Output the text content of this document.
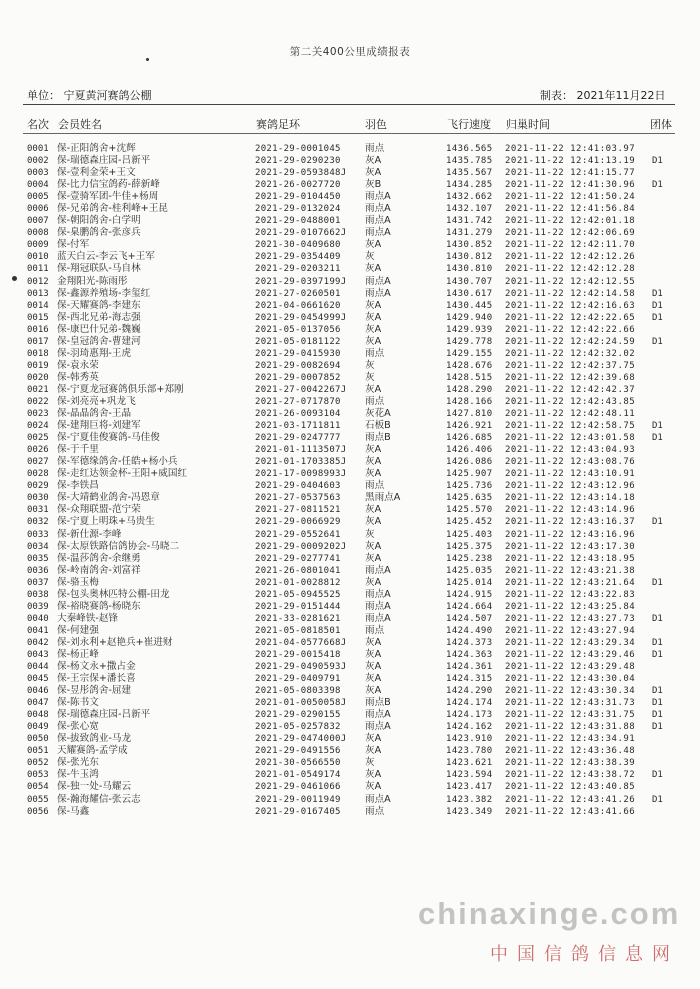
第二关400公里成绩报表
单位： 宁夏黄河赛鸽公棚	制表： 2021年11月22日
名次 会员姓名	赛鸽足环	羽色	飞行速度 归巢时间	团体
0001 保-正阳鸽舍+沈辉	2021-29-0001045	雨点	1436.565 2021-11-22 12:41:03.97
0002 保-瑞德森庄园-吕新平	2021-29-0290230	灰A	1435.785 2021-11-22 12:41:13.19 D1
0003 保-壹利金荣+王文	2021-29-0593848J 灰A	1435.567 2021-11-22 12:41:15.77
0004 保-比力信宝鸽药-薛新峰	2021-26-0027720	灰B	1434.285 2021-11-22 12:41:30.96 D1
0005 保-壹骑军团-牛佳+杨周	2021-29-0104450	雨点A	1432.662 2021-11-22 12:41:50.24
0006 保-兄弟鸽舍-桂利峰+王昆	2021-29-0132024	雨点A	1432.107 2021-11-22 12:41:56.84
0007 保-朝阳鸽舍-白学明	2021-29-0488001	雨点A	1431.742 2021-11-22 12:42:01.18
0008 保-臬鹏鸽舍-张彦兵	2021-29-0107662J 雨点A	1431.279 2021-11-22 12:42:06.69
0009 保-付军	2021-30-0409680	灰A	1430.852 2021-11-22 12:42:11.70
0010 蓝天白云-李云飞+王军	2021-29-0354409	灰	1430.812 2021-11-22 12:42:12.26
0011 保-翔冠联队-马自林	2021-29-0203211	灰A	1430.810 2021-11-22 12:42:12.28
0012 金翔阳光-陈雨彤	2021-29-0397199J 雨点A	1430.707 2021-11-22 12:42:12.55
0013 保-鑫源养殖场-李玺红	2021-27-0260501	雨点A	1430.617 2021-11-22 12:42:14.58 D1
0014 保-天耀赛鸽-李建东	2021-04-0661620	灰A	1430.445 2021-11-22 12:42:16.63 D1
0015 保-西北兄弟-海志强	2021-29-0454999J 灰A	1429.940 2021-11-22 12:42:22.65 D1
0016 保-康巴什兄弟-魏巍	2021-05-0137056	灰A	1429.939 2021-11-22 12:42:22.66
0017 保-皇冠鸽舍-曹建河	2021-05-0181122	灰A	1429.778 2021-11-22 12:42:24.59 D1
0018 保-羽琦惠翔-王虎	2021-29-0415930	雨点	1429.155 2021-11-22 12:42:32.02
0019 保-袁永荣	2021-29-0082694	灰	1428.676 2021-11-22 12:42:37.75
0020 保-韩秀英	2021-29-0007852	灰	1428.515 2021-11-22 12:42:39.68
0021 保-宁夏龙冠赛鸽俱乐部+郑刚	2021-27-0042267J 灰A	1428.290 2021-11-22 12:42:42.37
0022 保-刘亮亮+巩龙飞	2021-27-0717870	雨点	1428.166 2021-11-22 12:42:43.85
0023 保-晶晶鸽舍-王晶	2021-26-0093104	灰花A	1427.810 2021-11-22 12:42:48.11
0024 保-建翔巨将-刘建军	2021-03-1711811	石板B	1426.921 2021-11-22 12:42:58.75 D1
0025 保-宁夏佳俊赛鸽-马佳俊	2021-29-0247777	雨点B	1426.685 2021-11-22 12:43:01.58 D1
0026 保-于千里	2021-01-1113507J 灰A	1426.406 2021-11-22 12:43:04.93
0027 保-军德缘鸽舍-任皓+杨小兵	2021-01-1703385J 灰A	1426.086 2021-11-22 12:43:08.76
0028 保-走红达领金杯-王阳+威国红	2021-17-0098993J 灰A	1425.907 2021-11-22 12:43:10.91
0029 保-李铁昌	2021-29-0404603	雨点	1425.736 2021-11-22 12:43:12.96
0030 保-大靖鹤业鸽舍-冯恩章	2021-27-0537563	黑雨点A	1425.635 2021-11-22 12:43:14.18
0031 保-众翔联盟-范宁荣	2021-27-0811521	灰A	1425.570 2021-11-22 12:43:14.96
0032 保-宁夏上明珠+马贵生	2021-29-0066929	灰A	1425.452 2021-11-22 12:43:16.37 D1
0033 保-新仕源-李峰	2021-29-0552641	灰	1425.403 2021-11-22 12:43:16.96
0034 保-太原铁路信鸽协会-马晓二	2021-29-0009202J 灰A	1425.375 2021-11-22 12:43:17.30
0035 保-温莎鸽舍-余继勇	2021-29-0277741	灰A	1425.238 2021-11-22 12:43:18.95
0036 保-岭南鸽舍-刘富祥	2021-26-0801041	雨点A	1425.035 2021-11-22 12:43:21.38
0037 保-骆玉梅	2021-01-0028812	灰A	1425.014 2021-11-22 12:43:21.64 D1
0038 保-包头奥林匹特公棚-田龙	2021-05-0945525	雨点A	1424.915 2021-11-22 12:43:22.83
0039 保-裕晓赛鸽-杨晓东	2021-29-0151444	雨点A	1424.664 2021-11-22 12:43:25.84
0040 大秦峰铁-赵锋	2021-33-0281621	雨点A	1424.507 2021-11-22 12:43:27.73 D1
0041 保-何建强	2021-05-0818501	雨点	1424.490 2021-11-22 12:43:27.94
0042 保-刘永利+赵艳兵+崔进财	2021-04-0577668J 灰A	1424.373 2021-11-22 12:43:29.34 D1
0043 保-杨正峰	2021-29-0015418	灰A	1424.363 2021-11-22 12:43:29.46 D1
0044 保-杨文永+撒占金	2021-29-0490593J 灰A	1424.361 2021-11-22 12:43:29.48
0045 保-王宗保+潘长喜	2021-29-0409791	灰A	1424.315 2021-11-22 12:43:30.04
0046 保-昱彤鸽舍-屈建	2021-05-0803398	灰A	1424.290 2021-11-22 12:43:30.34 D1
0047 保-陈书文	2021-01-0050058J 雨点B	1424.174 2021-11-22 12:43:31.73 D1
0048 保-瑞德森庄园-吕新平	2021-29-0290155	雨点A	1424.173 2021-11-22 12:43:31.75 D1
0049 保-张心宽	2021-05-0257832	雨点A	1424.162 2021-11-22 12:43:31.88 D1
0050 保-拔致鸽业-马龙	2021-29-0474000J 灰A	1423.910 2021-11-22 12:43:34.91
0051 天耀赛鸽-孟学成	2021-29-0491556	灰A	1423.780 2021-11-22 12:43:36.48
0052 保-张光东	2021-30-0566550	灰	1423.621 2021-11-22 12:43:38.39
0053 保-牛玉鸿	2021-01-0549174	灰A	1423.594 2021-11-22 12:43:38.72 D1
0054 保-独一处-马耀云	2021-29-0461066	灰A	1423.417 2021-11-22 12:43:40.85
0055 保-瀚海耀信-张云志	2021-29-0011949	雨点A	1423.382 2021-11-22 12:43:41.26 D1
0056 保-马鑫	2021-29-0167405	雨点	1423.349 2021-11-22 12:43:41.66
chinaxinge.com
中国信鸽信息网
